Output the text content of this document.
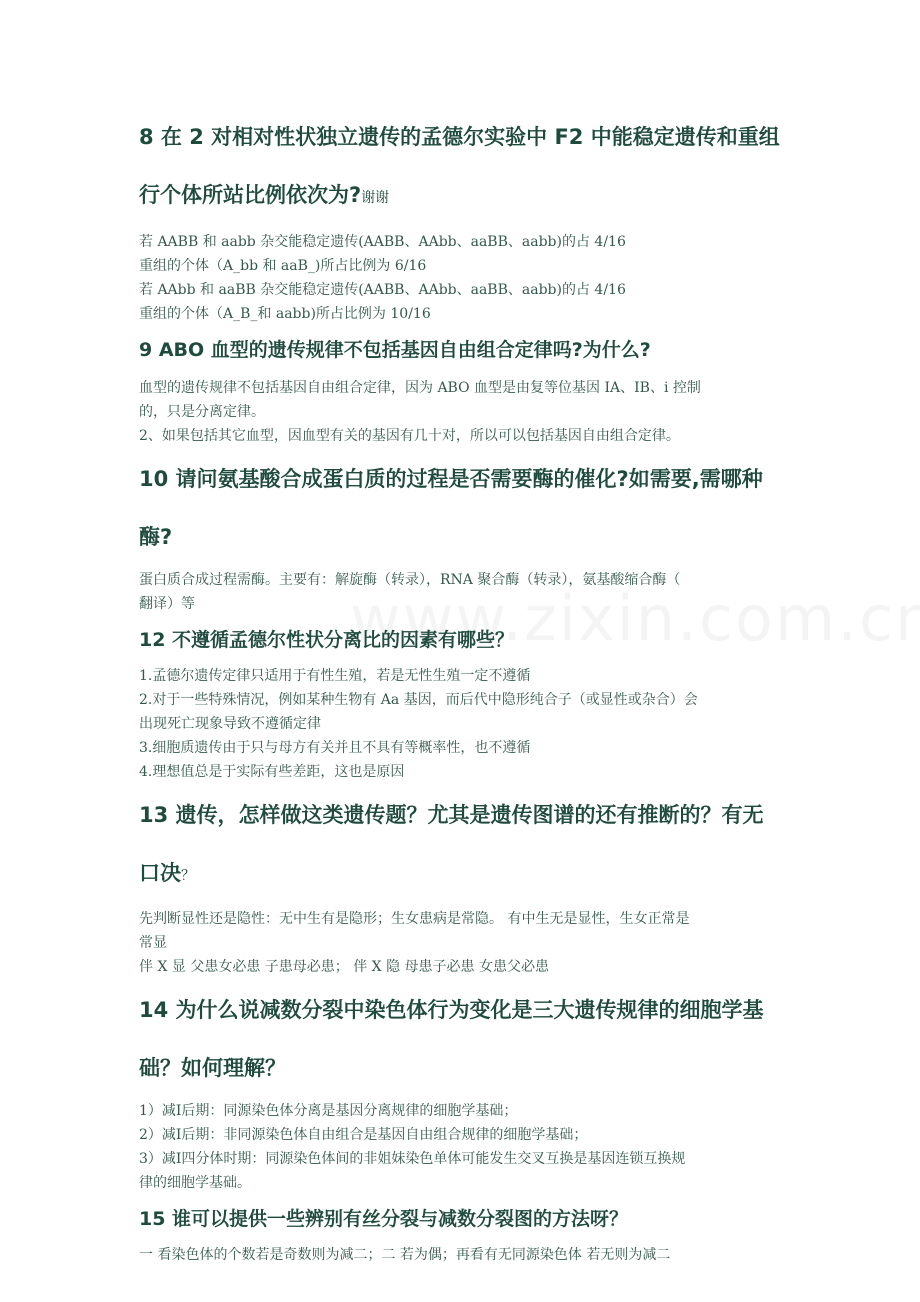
8 在 2 对相对性状独立遗传的孟德尔实验中 F2 中能稳定遗传和重组
行个体所站比例依次为?谢谢

若 AABB 和 aabb 杂交能稳定遗传(AABB、AAbb、aaBB、aabb)的占 4/16

重组的个体（A_bb 和 aaB_)所占比例为 6/16

若 AAbb 和 aaBB 杂交能稳定遗传(AABB、AAbb、aaBB、aabb)的占 4/16

重组的个体（A_B_和 aabb)所占比例为 10/16

9 ABO 血型的遗传规律不包括基因自由组合定律吗?为什么?

血型的遗传规律不包括基因自由组合定律，因为 ABO 血型是由复等位基因 IA、IB、i 控制

的，只是分离定律。

2、如果包括其它血型，因血型有关的基因有几十对，所以可以包括基因自由组合定律。

10 请问氨基酸合成蛋白质的过程是否需要酶的催化?如需要,需哪种
酶?

蛋白质合成过程需酶。主要有：解旋酶（转录），RNA 聚合酶（转录），氨基酸缩合酶（

翻译）等

12 不遵循孟德尔性状分离比的因素有哪些？

1.孟德尔遗传定律只适用于有性生殖，若是无性生殖一定不遵循

2.对于一些特殊情况，例如某种生物有 Aa 基因，而后代中隐形纯合子（或显性或杂合）会

出现死亡现象导致不遵循定律

3.细胞质遗传由于只与母方有关并且不具有等概率性，也不遵循

4.理想值总是于实际有些差距，这也是原因

13 遗传，怎样做这类遗传题？尤其是遗传图谱的还有推断的？有无
口决？

先判断显性还是隐性：无中生有是隐形；生女患病是常隐。 有中生无是显性，生女正常是

常显

伴 X 显 父患女必患 子患母必患； 伴 X 隐 母患子必患 女患父必患

14 为什么说减数分裂中染色体行为变化是三大遗传规律的细胞学基
础？如何理解？

1）减Ⅰ后期：同源染色体分离是基因分离规律的细胞学基础；

2）减Ⅰ后期：非同源染色体自由组合是基因自由组合规律的细胞学基础；

3）减Ⅰ四分体时期：同源染色体间的非姐妹染色单体可能发生交叉互换是基因连锁互换规

律的细胞学基础。

15 谁可以提供一些辨别有丝分裂与减数分裂图的方法呀？

一 看染色体的个数若是奇数则为减二；二 若为偶；再看有无同源染色体 若无则为减二
